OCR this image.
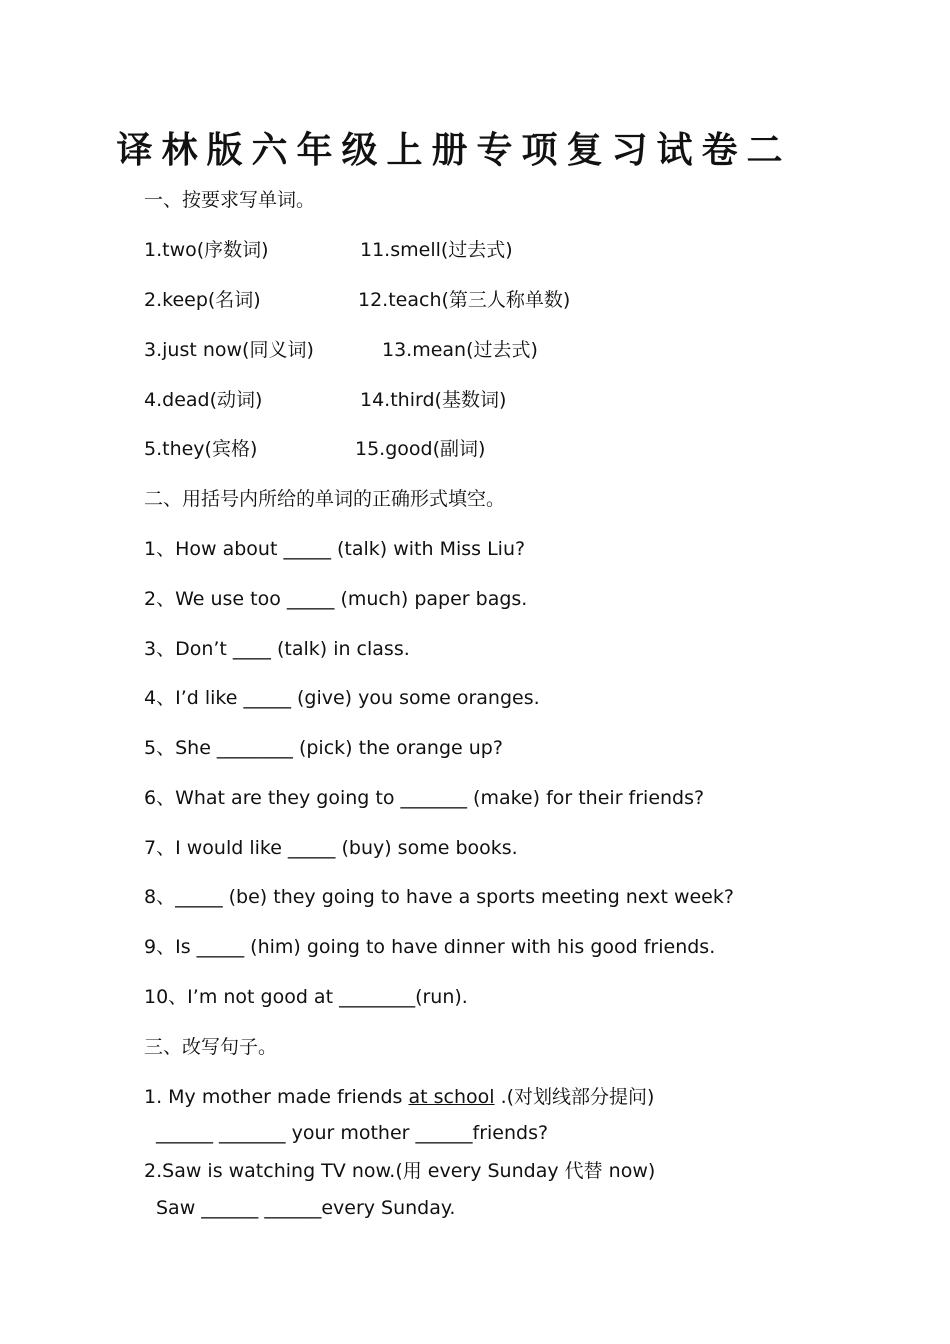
译林版六年级上册专项复习试卷二
一、按要求写单词。
1.two(序数词)	11.smell(过去式)
2.keep(名词)	12.teach(第三人称单数)
3.just now(同义词)	13.mean(过去式)
4.dead(动词)	14.third(基数词)
5.they(宾格)	15.good(副词)
二、用括号内所给的单词的正确形式填空。
1、How about _____ (talk) with Miss Liu?
2、We use too _____ (much) paper bags.
3、Don’t ____ (talk) in class.
4、I’d like _____ (give) you some oranges.
5、She ________ (pick) the orange up?
6、What are they going to _______ (make) for their friends?
7、I would like _____ (buy) some books.
8、_____ (be) they going to have a sports meeting next week?
9、Is _____ (him) going to have dinner with his good friends.
10、I’m not good at ________(run).
三、改写句子。
1. My mother made friends at school .(对划线部分提问)
______ _______ your mother ______friends?
2.Saw is watching TV now.(用 every Sunday 代替 now)
Saw ______ ______every Sunday.
